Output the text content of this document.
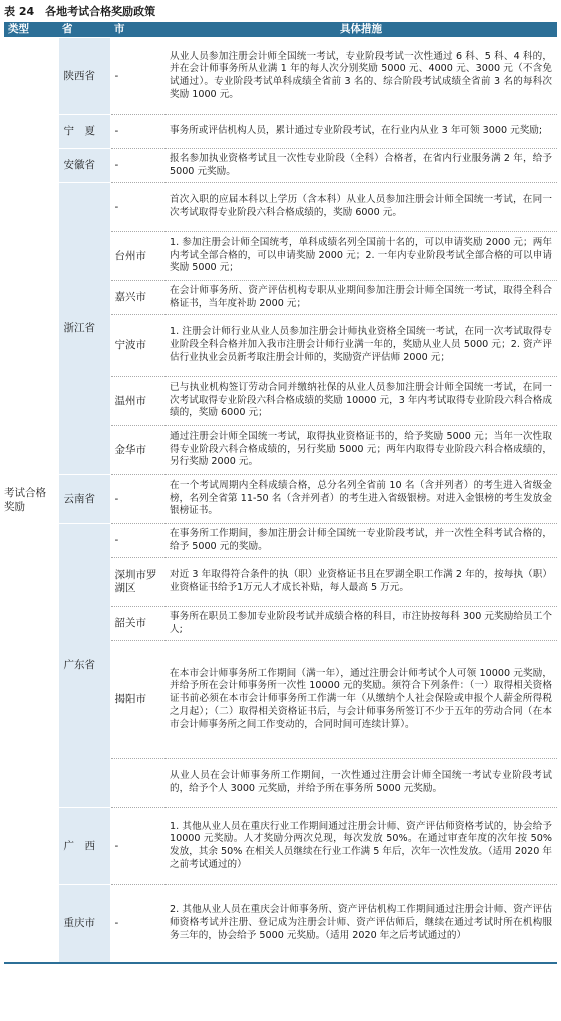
表 24　各地考试合格奖励政策
类型	省	市	具体措施
考试合格奖励	陕西省	-	从业人员参加注册会计师全国统一考试，专业阶段考试一次性通过 6 科、5 科、4 科的，并在会计师事务所从业满 1 年的每人次分别奖励 5000 元、4000 元、3000 元（不含免试通过）。专业阶段考试单科成绩全省前 3 名的、综合阶段考试成绩全省前 3 名的每科次奖励 1000 元。
	宁　夏	-	事务所或评估机构人员，累计通过专业阶段考试，在行业内从业 3 年可领 3000 元奖励;
	安徽省	-	报名参加执业资格考试且一次性专业阶段（全科）合格者，在省内行业服务满 2 年，给予 5000 元奖励。
	浙江省	-	首次入职的应届本科以上学历（含本科）从业人员参加注册会计师全国统一考试，在同一次考试取得专业阶段六科合格成绩的，奖励 6000 元。
		台州市	1. 参加注册会计师全国统考，单科成绩名列全国前十名的，可以申请奖励 2000 元；两年内考试全部合格的，可以申请奖励 2000 元；2. 一年内专业阶段考试全部合格的可以申请奖励 5000 元；
		嘉兴市	在会计师事务所、资产评估机构专职从业期间参加注册会计师全国统一考试，取得全科合格证书，当年度补助 2000 元；
		宁波市	1. 注册会计师行业从业人员参加注册会计师执业资格全国统一考试，在同一次考试取得专业阶段全科合格并加入我市注册会计师行业满一年的，奖励从业人员 5000 元；2. 资产评估行业执业会员新考取注册会计师的，奖励资产评估师 2000 元；
		温州市	已与执业机构签订劳动合同并缴纳社保的从业人员参加注册会计师全国统一考试，在同一次考试取得专业阶段六科合格成绩的奖励 10000 元，3 年内考试取得专业阶段六科合格成绩的，奖励 6000 元；
		金华市	通过注册会计师全国统一考试，取得执业资格证书的，给予奖励 5000 元；当年一次性取得专业阶段六科合格成绩的，另行奖励 5000 元；两年内取得专业阶段六科合格成绩的，另行奖励 2000 元。
	云南省	-	在一个考试周期内全科成绩合格，总分名列全省前 10 名（含并列者）的考生进入省级金榜，名列全省第 11-50 名（含并列者）的考生进入省级银榜。对进入金银榜的考生发放金银榜证书。
	广东省	-	在事务所工作期间，参加注册会计师全国统一专业阶段考试，并一次性全科考试合格的，给予 5000 元的奖励。
		深圳市罗湖区	对近 3 年取得符合条件的执（职）业资格证书且在罗湖全职工作满 2 年的，按每执（职）业资格证书给予1万元人才成长补贴，每人最高 5 万元。
		韶关市	事务所在职员工参加专业阶段考试并成绩合格的科目，市注协按每科 300 元奖励给员工个人;
		揭阳市	在本市会计师事务所工作期间（满一年），通过注册会计师考试个人可领 10000 元奖励，并给予所在会计师事务所一次性 10000 元的奖励。须符合下列条件：（一）取得相关资格证书前必须在本市会计师事务所工作满一年（从缴纳个人社会保险或申报个人薪金所得税之月起）；（二）取得相关资格证书后，与会计师事务所签订不少于五年的劳动合同（在本市会计师事务所之间工作变动的，合同时间可连续计算）。
			从业人员在会计师事务所工作期间，一次性通过注册会计师全国统一考试专业阶段考试的，给予个人 3000 元奖励，并给予所在事务所 5000 元奖励。
	广　西	-	1. 其他从业人员在重庆行业工作期间通过注册会计师、资产评估师资格考试的，协会给予 10000 元奖励。人才奖励分两次兑现，每次发放 50%。在通过审查年度的次年按 50% 发放，其余 50% 在相关人员继续在行业工作满 5 年后，次年一次性发放。（适用 2020 年之前考试通过的）
	重庆市	-	2. 其他从业人员在重庆会计师事务所、资产评估机构工作期间通过注册会计师、资产评估师资格考试并注册、登记成为注册会计师、资产评估师后，继续在通过考试时所在机构服务三年的，协会给予 5000 元奖励。（适用 2020 年之后考试通过的）
